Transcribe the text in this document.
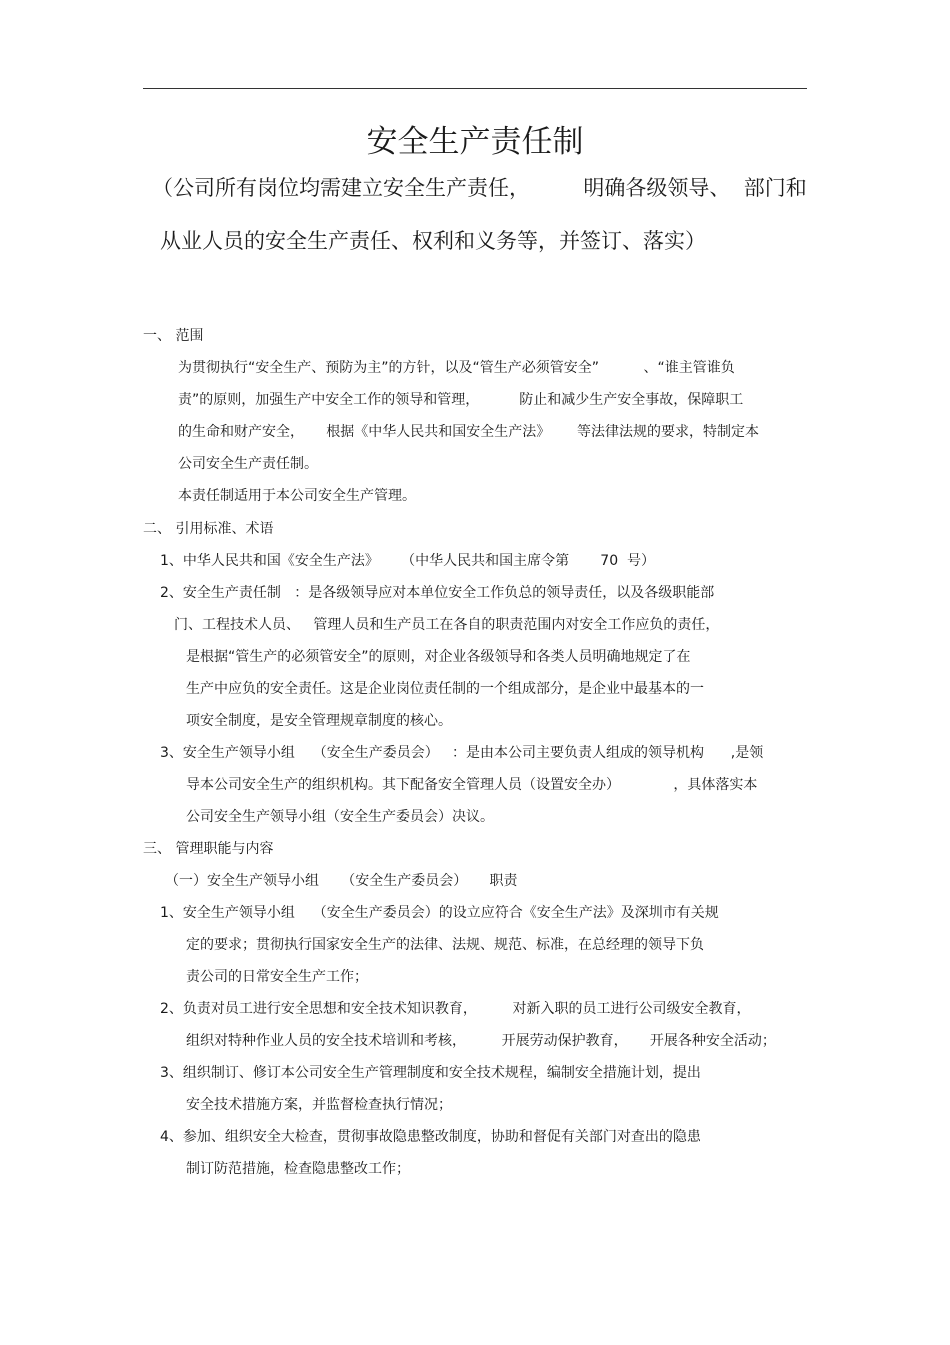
安全生产责任制
（公司所有岗位均需建立安全生产责任，        明确各级领导、  部门和
从业人员的安全生产责任、权利和义务等，并签订、落实）
一、 范围
为贯彻执行“安全生产、预防为主”的方针，以及“管生产必须管安全”          、“谁主管谁负
责”的原则，加强生产中安全工作的领导和管理，         防止和减少生产安全事故，保障职工
的生命和财产安全，     根据《中华人民共和国安全生产法》      等法律法规的要求，特制定本
公司安全生产责任制。
本责任制适用于本公司安全生产管理。
二、 引用标准、术语
1、中华人民共和国《安全生产法》     （中华人民共和国主席令第       70  号）
2、安全生产责任制   ：是各级领导应对本单位安全工作负总的领导责任，以及各级职能部
门、工程技术人员、   管理人员和生产员工在各自的职责范围内对安全工作应负的责任，
是根据“管生产的必须管安全”的原则，对企业各级领导和各类人员明确地规定了在
生产中应负的安全责任。这是企业岗位责任制的一个组成部分，是企业中最基本的一
项安全制度，是安全管理规章制度的核心。
3、安全生产领导小组    （安全生产委员会）   ：是由本公司主要负责人组成的领导机构      ,是领
导本公司安全生产的组织机构。其下配备安全管理人员（设置安全办）            ，具体落实本
公司安全生产领导小组（安全生产委员会）决议。
三、 管理职能与内容
（一）安全生产领导小组     （安全生产委员会）     职责
1、安全生产领导小组    （安全生产委员会）的设立应符合《安全生产法》及深圳市有关规
定的要求；贯彻执行国家安全生产的法律、法规、规范、标准，在总经理的领导下负
责公司的日常安全生产工作；
2、负责对员工进行安全思想和安全技术知识教育，        对新入职的员工进行公司级安全教育，
组织对特种作业人员的安全技术培训和考核，        开展劳动保护教育，     开展各种安全活动；
3、组织制订、修订本公司安全生产管理制度和安全技术规程，编制安全措施计划，提出
安全技术措施方案，并监督检查执行情况；
4、参加、组织安全大检查，贯彻事故隐患整改制度，协助和督促有关部门对查出的隐患
制订防范措施，检查隐患整改工作；
